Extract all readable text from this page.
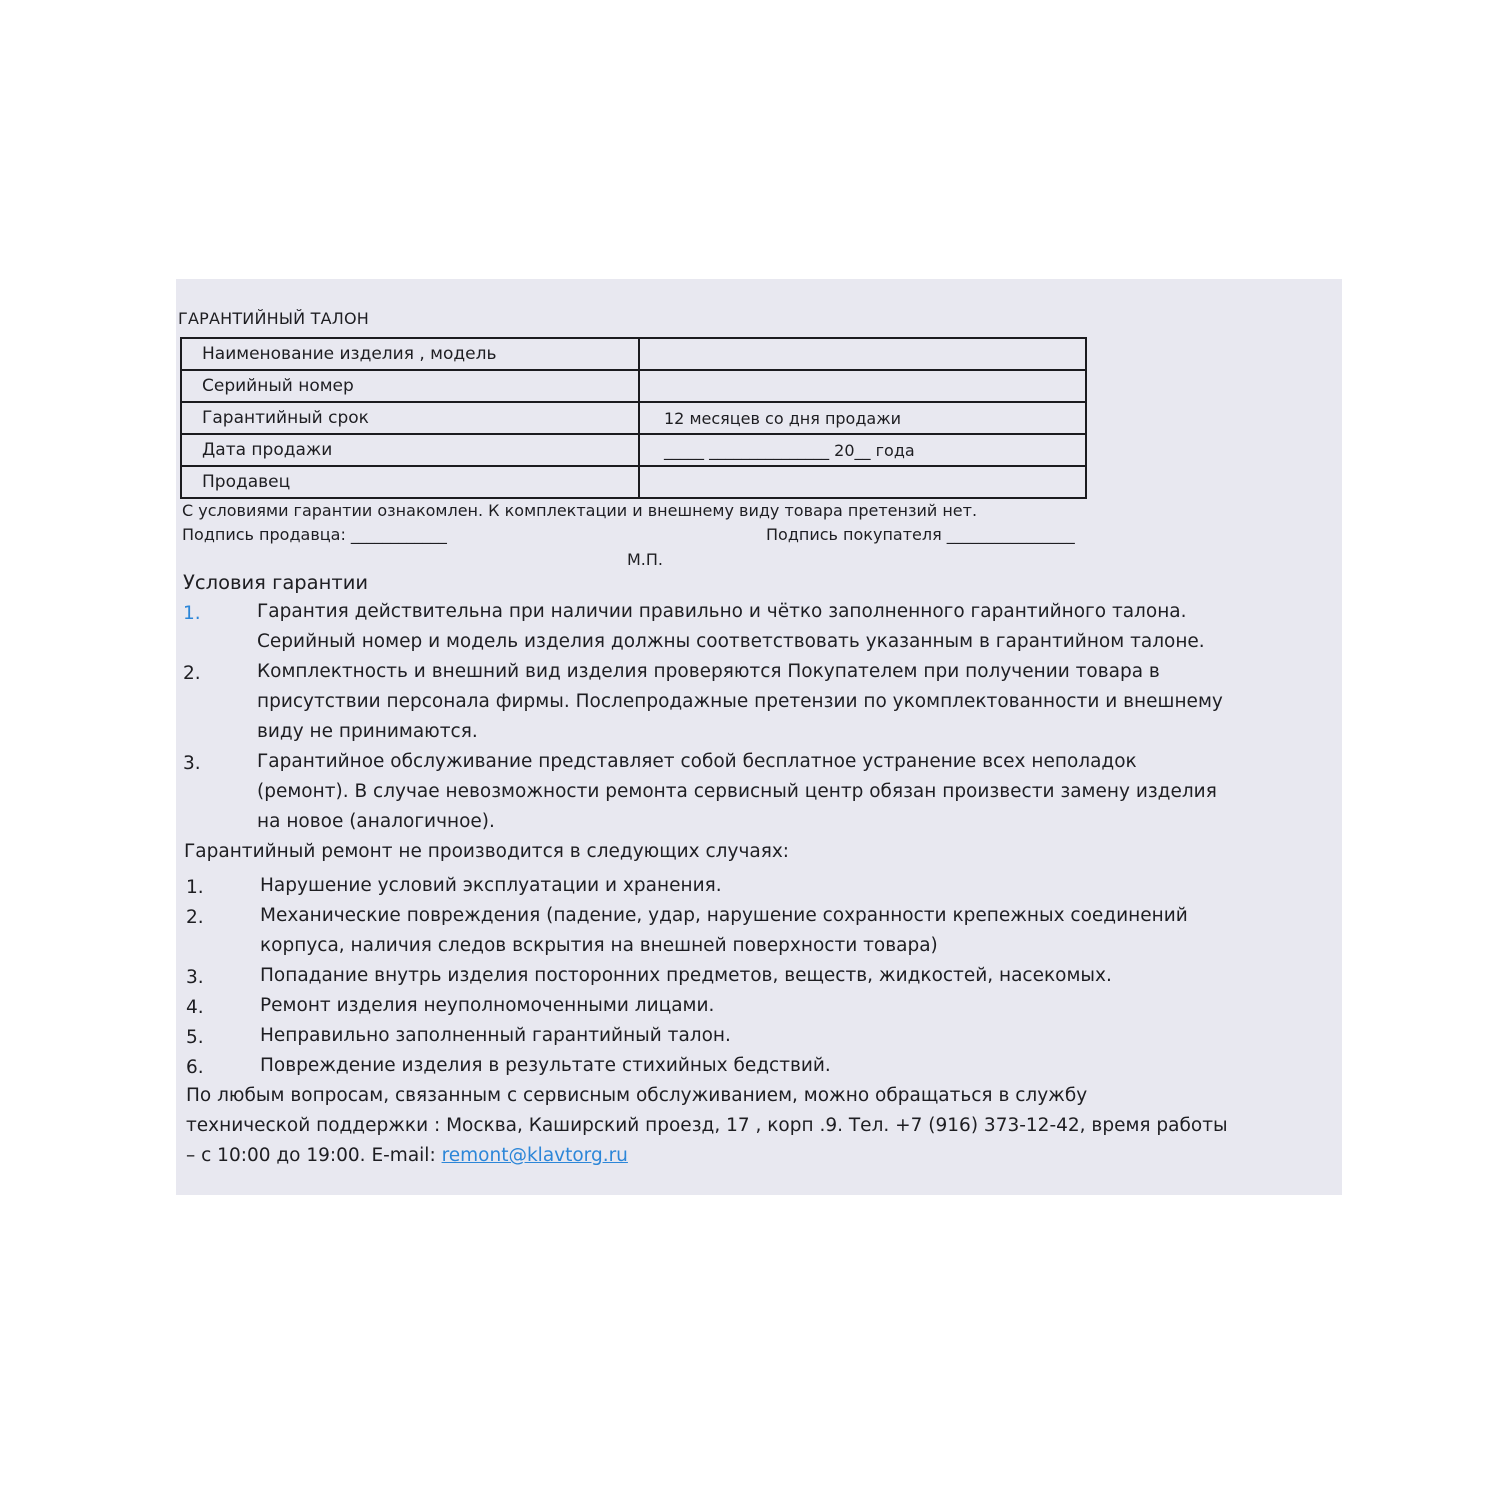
ГАРАНТИЙНЫЙ ТАЛОН
Наименование изделия , модель	
Серийный номер	
Гарантийный срок	12 месяцев со дня продажи
Дата продажи	_____ _______________ 20__ года
Продавец	
С условиями гарантии ознакомлен. К комплектации и внешнему виду товара претензий нет.
Подпись продавца: ____________	Подпись покупателя ________________
М.П.
Условия гарантии
1.	Гарантия действительна при наличии правильно и чётко заполненного гарантийного талона.
Серийный номер и модель изделия должны соответствовать указанным в гарантийном талоне.
2.	Комплектность и внешний вид изделия проверяются Покупателем при получении товара в
присутствии персонала фирмы. Послепродажные претензии по укомплектованности и внешнему
виду не принимаются.
3.	Гарантийное обслуживание представляет собой бесплатное устранение всех неполадок
(ремонт). В случае невозможности ремонта сервисный центр обязан произвести замену изделия
на новое (аналогичное).
Гарантийный ремонт не производится в следующих случаях:
1.	Нарушение условий эксплуатации и хранения.
2.	Механические повреждения (падение, удар, нарушение сохранности крепежных соединений
корпуса, наличия следов вскрытия на внешней поверхности товара)
3.	Попадание внутрь изделия посторонних предметов, веществ, жидкостей, насекомых.
4.	Ремонт изделия неуполномоченными лицами.
5.	Неправильно заполненный гарантийный талон.
6.	Повреждение изделия в результате стихийных бедствий.
По любым вопросам, связанным с сервисным обслуживанием, можно обращаться в службу
технической поддержки : Москва, Каширский проезд, 17 , корп .9. Тел. +7 (916) 373-12-42, время работы
– с 10:00 до 19:00. E-mail: remont@klavtorg.ru
